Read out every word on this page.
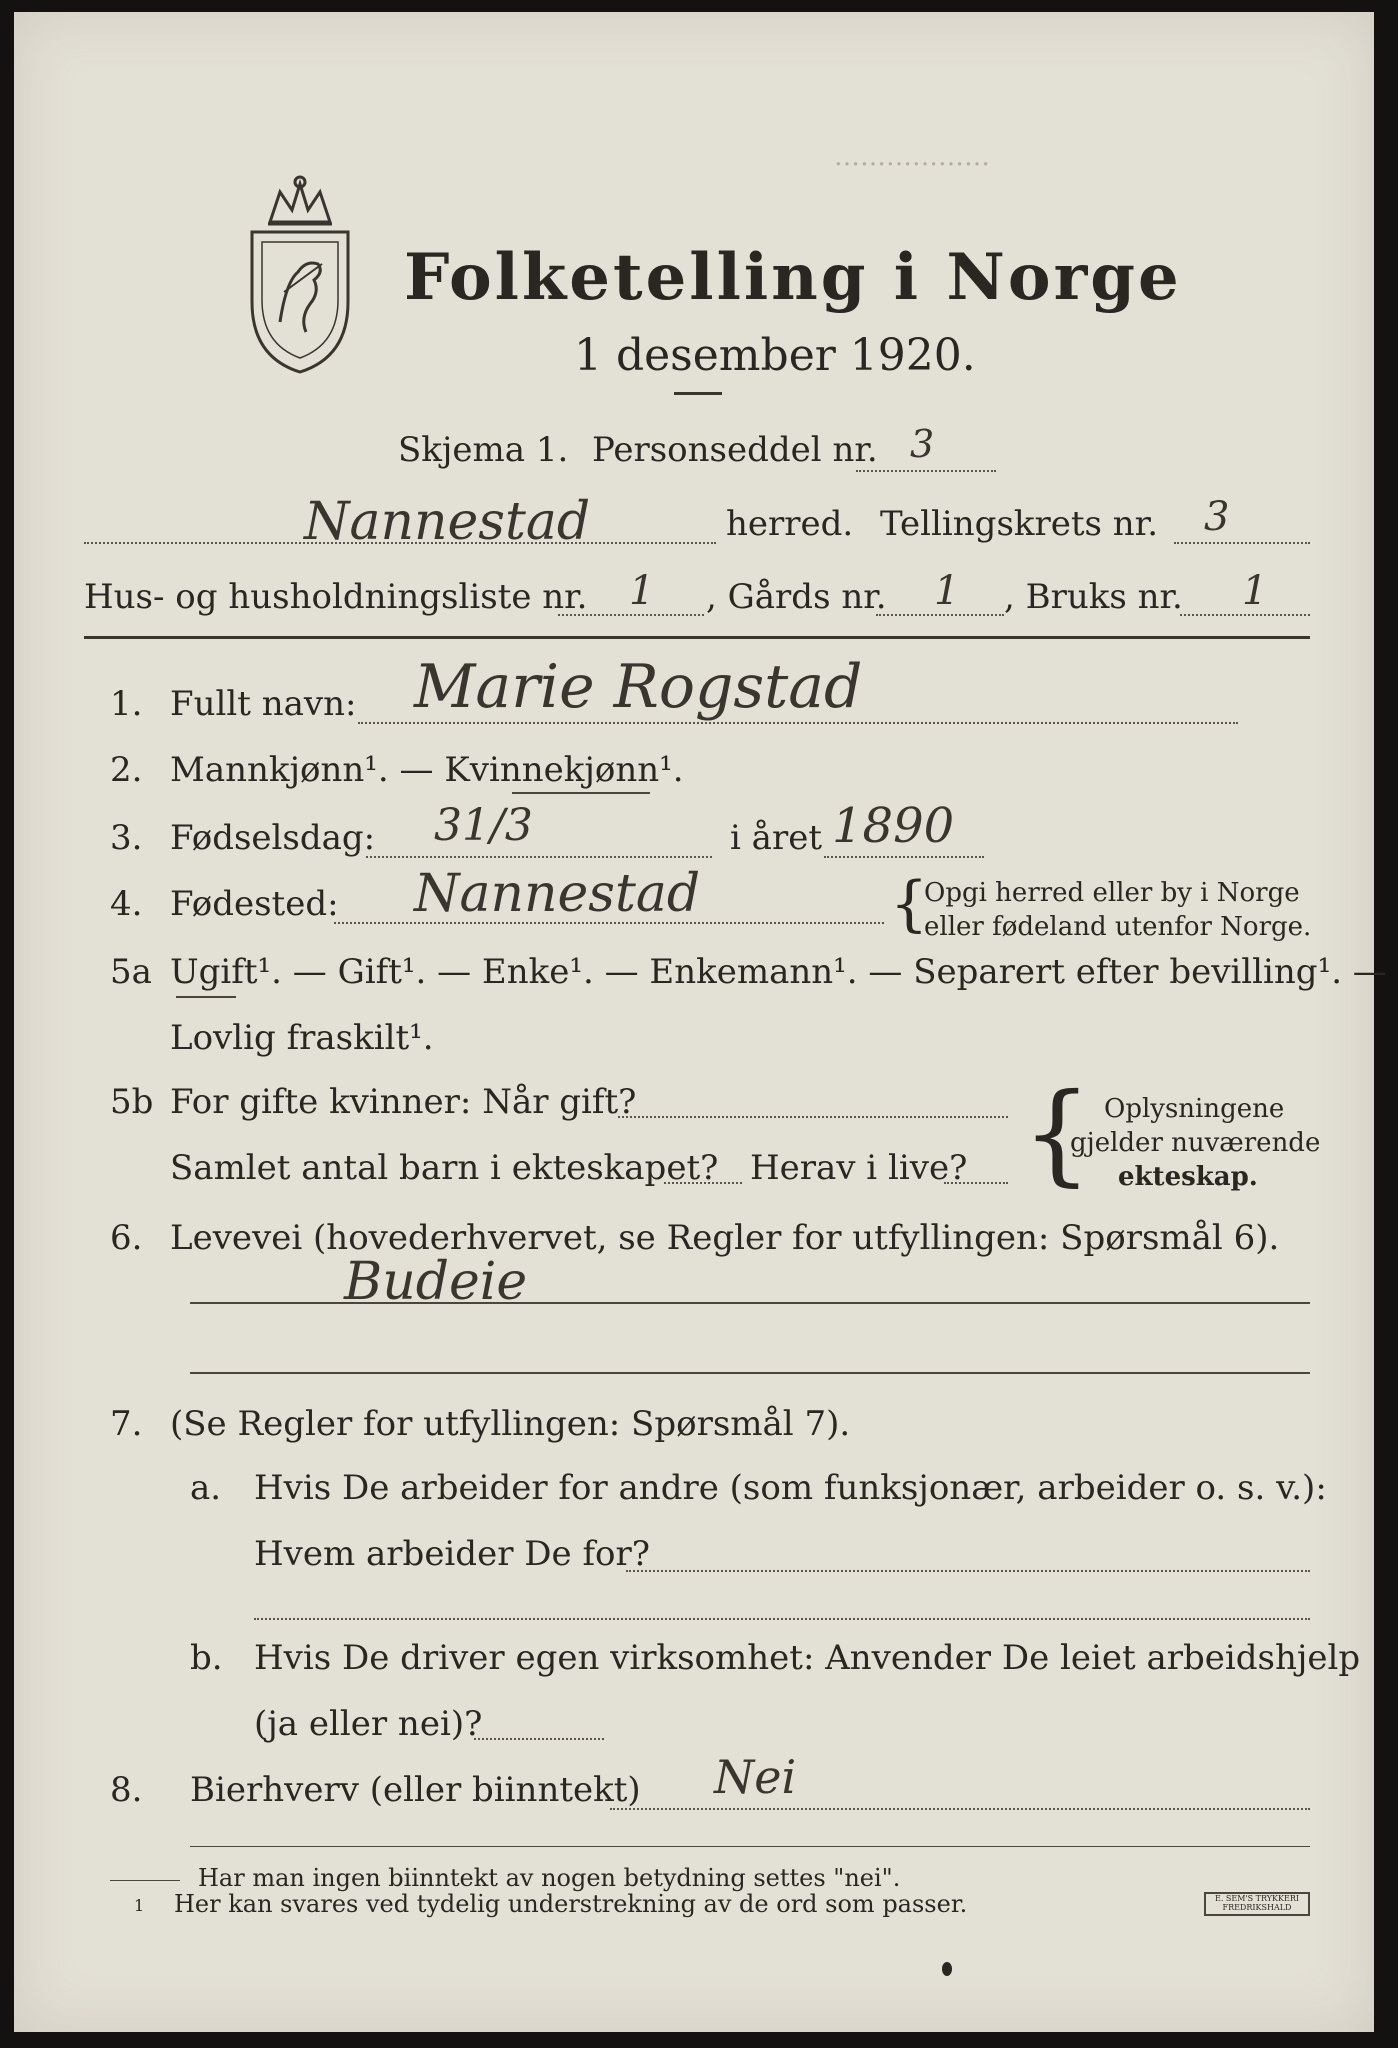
Folketelling i Norge
1 desember 1920.
………………
Skjema 1. Personseddel nr. 3
Nannestad	herred. Tellingskrets nr. 3
Hus- og husholdningsliste nr. 1 , Gårds nr. 1 , Bruks nr. 1
1. Fullt navn: Marie Rogstad
2. Mannkjønn¹. — Kvinnekjønn¹.
3. Fødselsdag: 31/3	i året 1890
4. Fødested: Nannestad	{
Opgi herred eller by i Norge
eller fødeland utenfor Norge.
5a Ugift¹. — Gift¹. — Enke¹. — Enkemann¹. — Separert efter bevilling¹. —
Lovlig fraskilt¹.
5b For gifte kvinner: Når gift?
Samlet antal barn i ekteskapet? Herav i live? { Oplysningene
gjelder nuværende
ekteskap.
6. Levevei (hovederhvervet, se Regler for utfyllingen: Spørsmål 6).
Budeie
7. (Se Regler for utfyllingen: Spørsmål 7).
a. Hvis De arbeider for andre (som funksjonær, arbeider o. s. v.):
Hvem arbeider De for?
b. Hvis De driver egen virksomhet: Anvender De leiet arbeidshjelp
(ja eller nei)?
8. Bierhverv (eller biinntekt) Nei
Har man ingen biinntekt av nogen betydning settes "nei".
1 Her kan svares ved tydelig understrekning av de ord som passer.	E. SEM'S TRYKKERI FREDRIKSHALD
